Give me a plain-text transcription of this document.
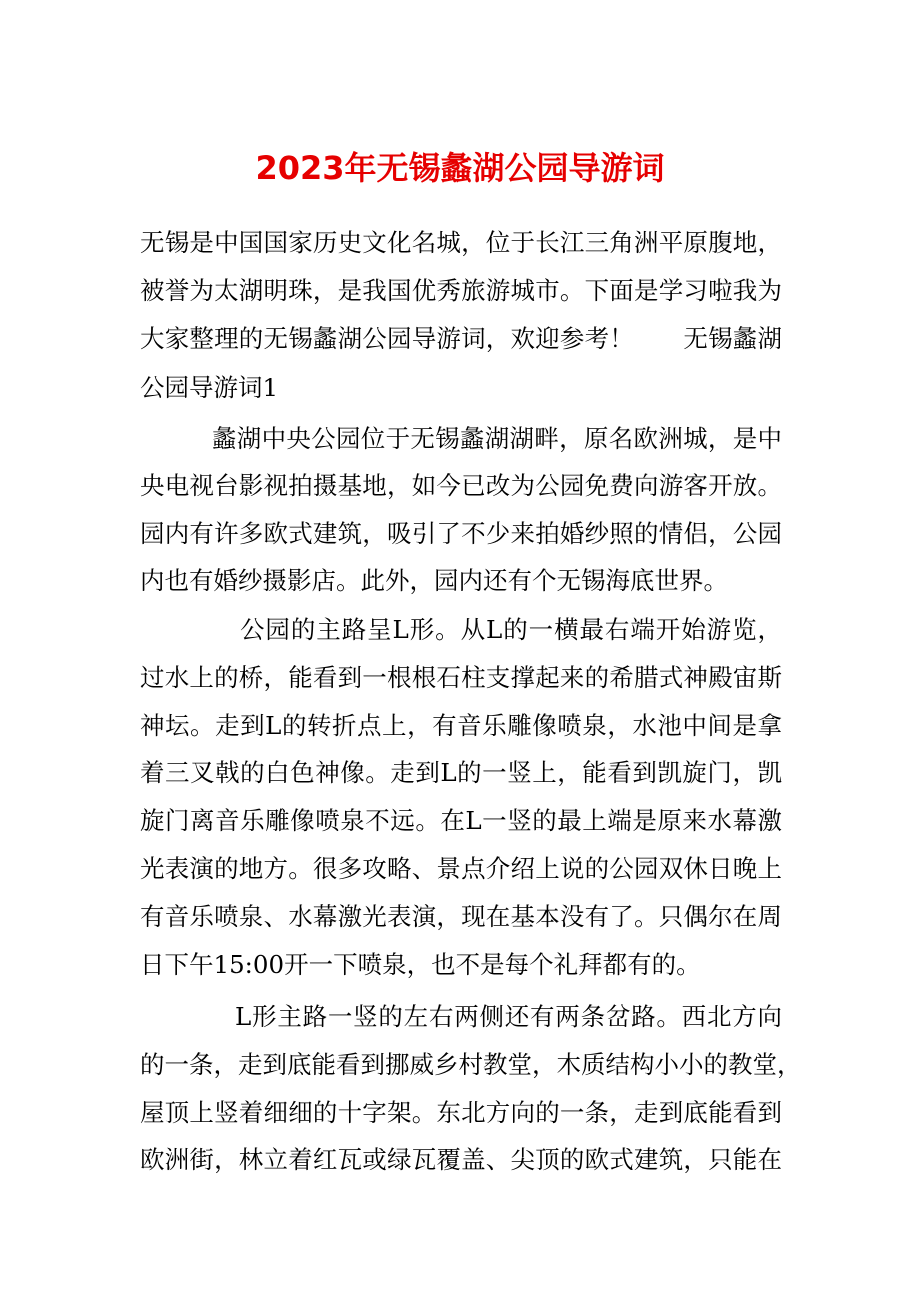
2023年无锡蠡湖公园导游词
无锡是中国国家历史文化名城，位于长江三角洲平原腹地，
被誉为太湖明珠，是我国优秀旅游城市。下面是学习啦我为
大家整理的无锡蠡湖公园导游词，欢迎参考！　　无锡蠡湖
公园导游词1
蠡湖中央公园位于无锡蠡湖湖畔，原名欧洲城，是中
央电视台影视拍摄基地，如今已改为公园免费向游客开放。
园内有许多欧式建筑，吸引了不少来拍婚纱照的情侣，公园
内也有婚纱摄影店。此外，园内还有个无锡海底世界。
公园的主路呈L形。从L的一横最右端开始游览，
过水上的桥，能看到一根根石柱支撑起来的希腊式神殿宙斯
神坛。走到L的转折点上，有音乐雕像喷泉，水池中间是拿
着三叉戟的白色神像。走到L的一竖上，能看到凯旋门，凯
旋门离音乐雕像喷泉不远。在L一竖的最上端是原来水幕激
光表演的地方。很多攻略、景点介绍上说的公园双休日晚上
有音乐喷泉、水幕激光表演，现在基本没有了。只偶尔在周
日下午15:00开一下喷泉，也不是每个礼拜都有的。
L形主路一竖的左右两侧还有两条岔路。西北方向
的一条，走到底能看到挪威乡村教堂，木质结构小小的教堂，
屋顶上竖着细细的十字架。东北方向的一条，走到底能看到
欧洲街，林立着红瓦或绿瓦覆盖、尖顶的欧式建筑，只能在
